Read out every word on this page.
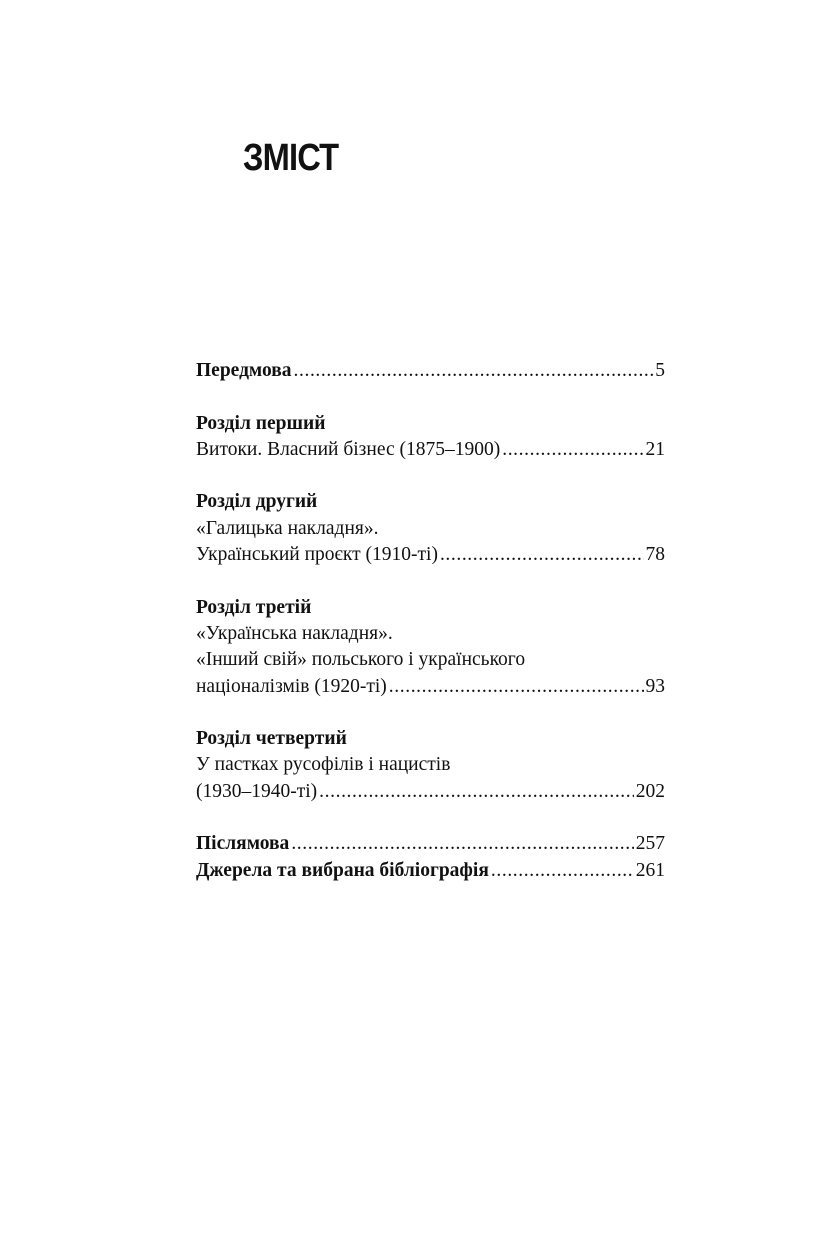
ЗМІСТ
Передмова .....	5
Розділ перший
Витоки. Власний бізнес (1875–1900) .....	21
Розділ другий
«Галицька накладня».
Український проєкт (1910-ті) .....	78
Розділ третій
«Українська накладня».
«Інший свій» польського і українського
націоналізмів (1920-ті) .....	93
Розділ четвертий
У пастках русофілів і нацистів
(1930–1940-ті) .....	202
Післямова .....	257
Джерела та вибрана бібліографія .....	261
